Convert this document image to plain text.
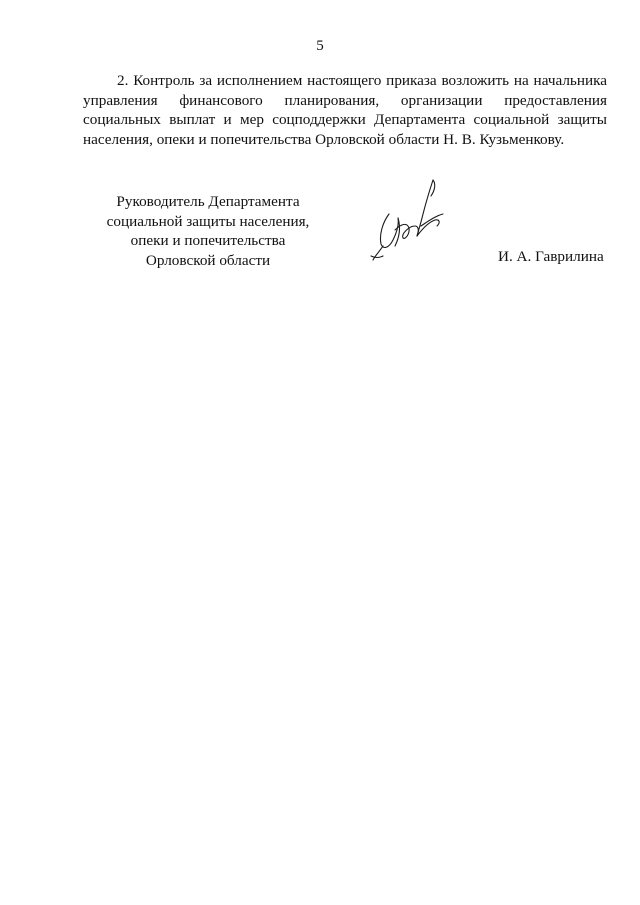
5

2. Контроль за исполнением настоящего приказа возложить на начальника управления финансового планирования, организации предоставления социальных выплат и мер соцподдержки Департамента социальной защиты населения, опеки и попечительства Орловской области Н. В. Кузьменкову.

Руководитель Департамента
социальной защиты населения,
опеки и попечительства
Орловской области	И. А. Гаврилина
